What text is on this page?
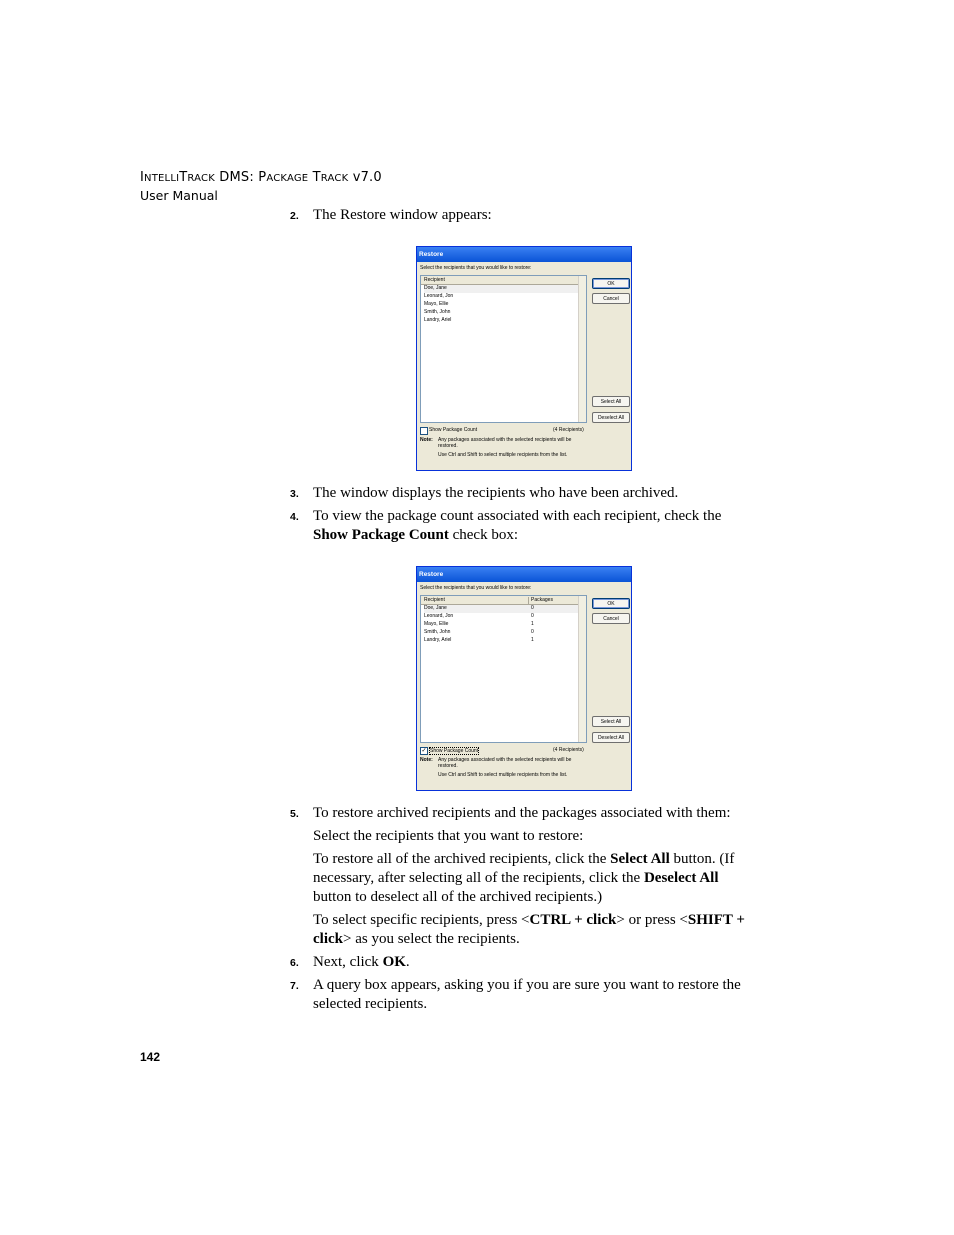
INTELLITRACK DMS: PACKAGE TRACK v7.0
User Manual
2. The Restore window appears:
Restore
Select the recipients that you would like to restore:
Recipient
Doe, Jane
Leonard, Jon
Mayo, Ellie
Smith, John
Landry, Ariel
OK
Cancel
Select All
Deselect All
Show Package Count	(4 Recipients)
Note: Any packages associated with the selected recipients will be restored.
Use Ctrl and Shift to select multiple recipients from the list.
3. The window displays the recipients who have been archived.
4. To view the package count associated with each recipient, check the Show Package Count check box:
Restore
Select the recipients that you would like to restore:
Recipient	Packages
Doe, Jane	0
Leonard, Jon	0
Mayo, Ellie	1
Smith, John	0
Landry, Ariel	1
OK
Cancel
Select All
Deselect All
✓ Show Package Count	(4 Recipients)
Note: Any packages associated with the selected recipients will be restored.
Use Ctrl and Shift to select multiple recipients from the list.
5. To restore archived recipients and the packages associated with them:
Select the recipients that you want to restore:
To restore all of the archived recipients, click the Select All button. (If necessary, after selecting all of the recipients, click the Deselect All button to deselect all of the archived recipients.)
To select specific recipients, press <CTRL + click> or press <SHIFT + click> as you select the recipients.
6. Next, click OK.
7. A query box appears, asking you if you are sure you want to restore the selected recipients.
142
